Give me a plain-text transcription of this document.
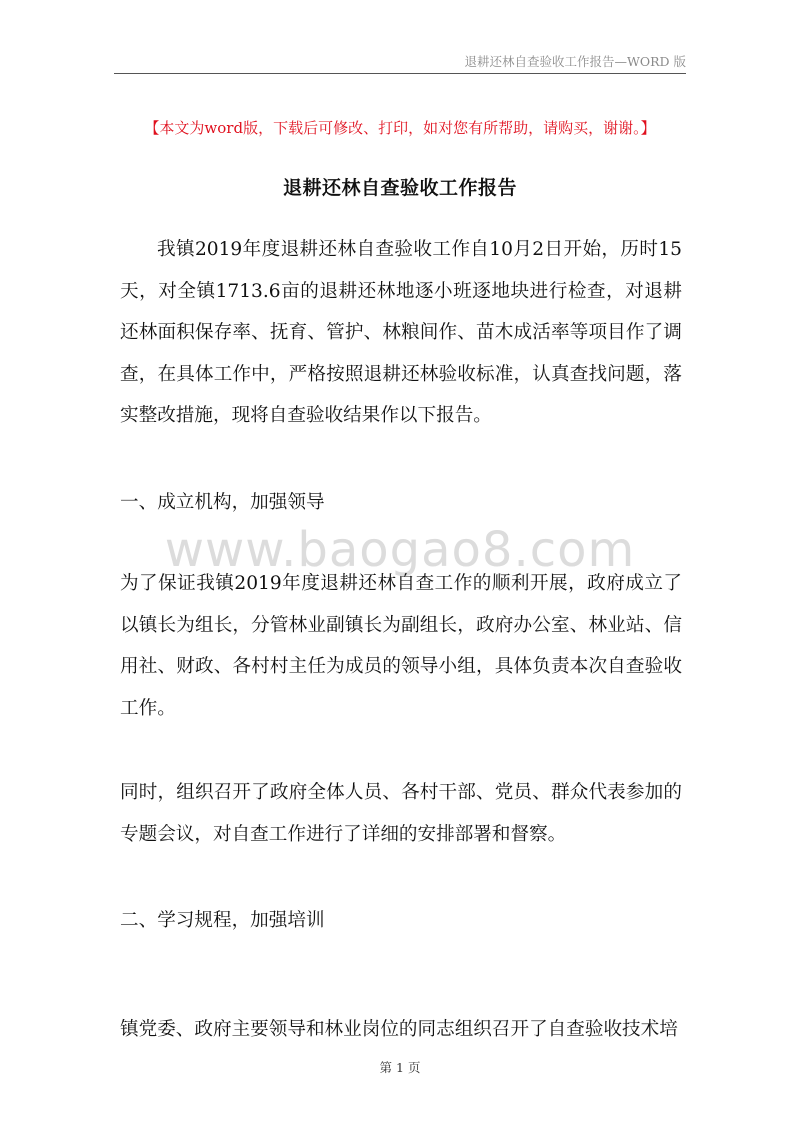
退耕还林自查验收工作报告—WORD 版
【本文为word版，下载后可修改、打印，如对您有所帮助，请购买，谢谢。】
退耕还林自查验收工作报告

我镇2019年度退耕还林自查验收工作自10月2日开始，历时15天，对全镇1713.6亩的退耕还林地逐小班逐地块进行检查，对退耕还林面积保存率、抚育、管护、林粮间作、苗木成活率等项目作了调查，在具体工作中，严格按照退耕还林验收标准，认真查找问题，落实整改措施，现将自查验收结果作以下报告。

一、成立机构，加强领导
www.baogao8.com

为了保证我镇2019年度退耕还林自查工作的顺利开展，政府成立了以镇长为组长，分管林业副镇长为副组长，政府办公室、林业站、信用社、财政、各村村主任为成员的领导小组，具体负责本次自查验收工作。

同时，组织召开了政府全体人员、各村干部、党员、群众代表参加的专题会议，对自查工作进行了详细的安排部署和督察。

二、学习规程，加强培训

镇党委、政府主要领导和林业岗位的同志组织召开了自查验收技术培

第 1 页
